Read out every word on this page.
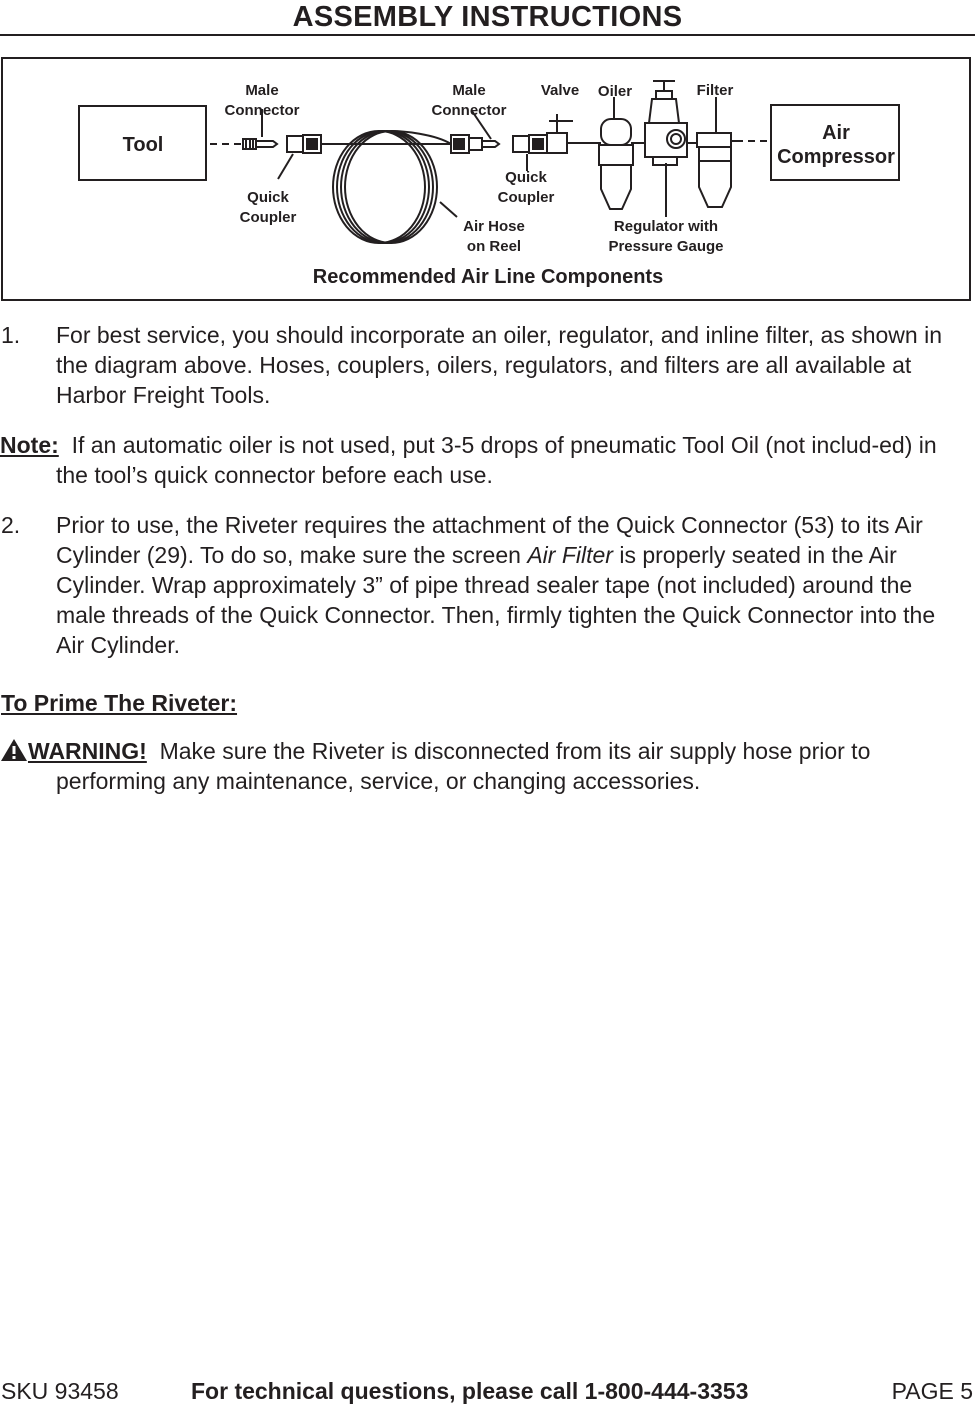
ASSEMBLY INSTRUCTIONS
Tool
Air
Compressor
Male
Connector
Male
Connector
Valve Oiler	Filter
Quick
Coupler
Quick
Coupler
Air Hose
on Reel
Regulator with
Pressure Gauge
Recommended Air Line Components
1. For best service, you should incorporate an oiler, regulator, and inline filter, as shown in the diagram above. Hoses, couplers, oilers, regulators, and filters are all available at Harbor Freight Tools.
Note: If an automatic oiler is not used, put 3-5 drops of pneumatic Tool Oil (not includ-ed) in the tool’s quick connector before each use.
2. Prior to use, the Riveter requires the attachment of the Quick Connector (53) to its Air Cylinder (29). To do so, make sure the screen Air Filter is properly seated in the Air Cylinder. Wrap approximately 3” of pipe thread sealer tape (not included) around the male threads of the Quick Connector. Then, firmly tighten the Quick Connector into the Air Cylinder.
To Prime The Riveter:
WARNING! Make sure the Riveter is disconnected from its air supply hose prior to performing any maintenance, service, or changing accessories.
SKU 93458	For technical questions, please call 1-800-444-3353	PAGE 5
